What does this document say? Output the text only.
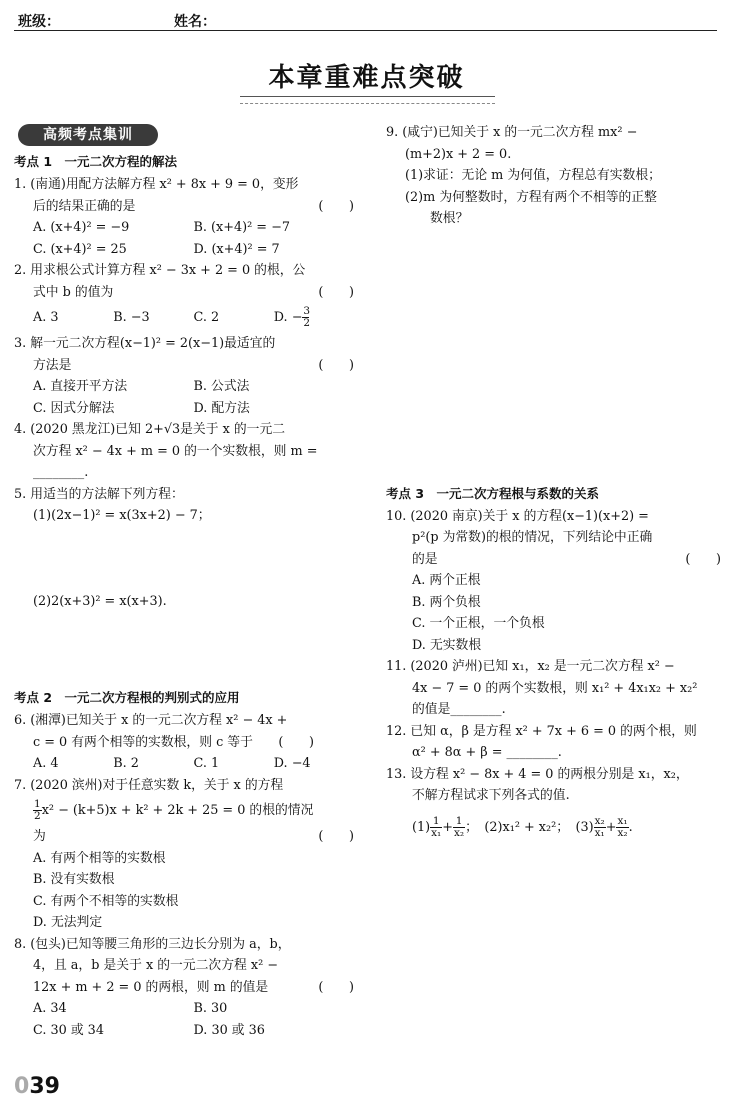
班级：	姓名：
本章重难点突破
高频考点集训
考点 1　一元二次方程的解法
1. (南通)用配方法解方程 x² + 8x + 9 = 0，变形
后的结果正确的是	(　　)
A. (x+4)² = −9	B. (x+4)² = −7
C. (x+4)² = 25	D. (x+4)² = 7
2. 用求根公式计算方程 x² − 3x + 2 = 0 的根，公
式中 b 的值为	(　　)
A. 3	B. −3	C. 2	D. − $\frac{3}{2}$
3. 解一元二次方程(x−1)² = 2(x−1)最适宜的
方法是	(　　)
A. 直接开平方法	B. 公式法
C. 因式分解法	D. 配方法
4. (2020 黑龙江)已知 2+√3是关于 x 的一元二
次方程 x² − 4x + m = 0 的一个实数根，则 m =
________.
5. 用适当的方法解下列方程：
(1)(2x−1)² = x(3x+2) − 7；
(2)2(x+3)² = x(x+3).
考点 2　一元二次方程根的判别式的应用
6. (湘潭)已知关于 x 的一元二次方程 x² − 4x +
c = 0 有两个相等的实数根，则 c 等于 (　　)
A. 4	B. 2	C. 1	D. −4
7. (2020 滨州)对于任意实数 k，关于 x 的方程
$\frac{1}{2} x^2 - (k+5)x + k^2 + 2k + 25 = 0$ 的根的情况
为	(　　)
A. 有两个相等的实数根
B. 没有实数根
C. 有两个不相等的实数根
D. 无法判定
8. (包头)已知等腰三角形的三边长分别为 a，b，
4，且 a，b 是关于 x 的一元二次方程 x² −
12x + m + 2 = 0 的两根，则 m 的值是	(　　)
A. 34	B. 30
C. 30 或 34	D. 30 或 36
9. (咸宁)已知关于 x 的一元二次方程 mx² −
(m+2)x + 2 = 0.
(1)求证：无论 m 为何值，方程总有实数根；
(2)m 为何整数时，方程有两个不相等的正整
数根？
考点 3　一元二次方程根与系数的关系
10. (2020 南京)关于 x 的方程(x−1)(x+2) =
p²(p 为常数)的根的情况，下列结论中正确
的是	(　　)
A. 两个正根
B. 两个负根
C. 一个正根，一个负根
D. 无实数根
11. (2020 泸州)已知 x₁，x₂ 是一元二次方程 x² −
4x − 7 = 0 的两个实数根，则 x₁² + 4x₁x₂ + x₂²
的值是________.
12. 已知 α，β 是方程 x² + 7x + 6 = 0 的两个根，则
α² + 8α + β = ________.
13. 设方程 x² − 8x + 4 = 0 的两根分别是 x₁，x₂，
不解方程试求下列各式的值.
$(1) \frac{1}{\text{x₁}} + \frac{1}{\text{x₂}}$ ；　(2)x₁² + x₂²；　$(3) \frac{\text{x₂}}{\text{x₁}} + \frac{\text{x₁}}{\text{x₂}}$ .
039
